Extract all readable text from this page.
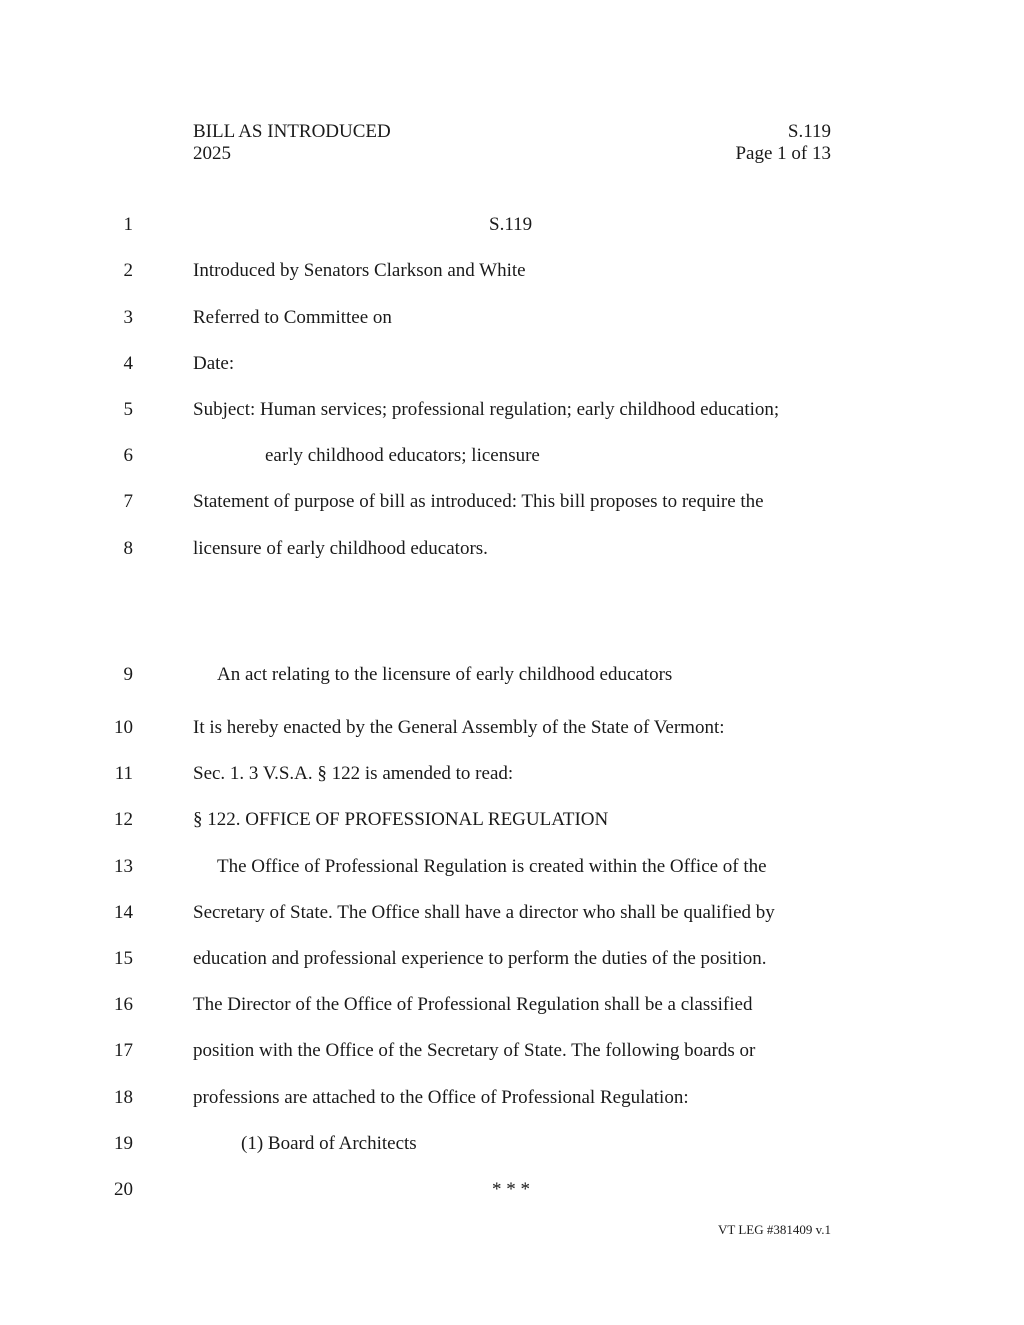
BILL AS INTRODUCED
2025
S.119
Page 1 of 13
1	S.119
2	Introduced by Senators Clarkson and White
3	Referred to Committee on
4	Date:
5	Subject: Human services; professional regulation; early childhood education;
6	early childhood educators; licensure
7	Statement of purpose of bill as introduced: This bill proposes to require the
8	licensure of early childhood educators.
9	An act relating to the licensure of early childhood educators
10	It is hereby enacted by the General Assembly of the State of Vermont:
11	Sec. 1. 3 V.S.A. § 122 is amended to read:
12	§ 122. OFFICE OF PROFESSIONAL REGULATION
13	The Office of Professional Regulation is created within the Office of the
14	Secretary of State. The Office shall have a director who shall be qualified by
15	education and professional experience to perform the duties of the position.
16	The Director of the Office of Professional Regulation shall be a classified
17	position with the Office of the Secretary of State. The following boards or
18	professions are attached to the Office of Professional Regulation:
19	(1) Board of Architects
20	* * *
VT LEG #381409 v.1
